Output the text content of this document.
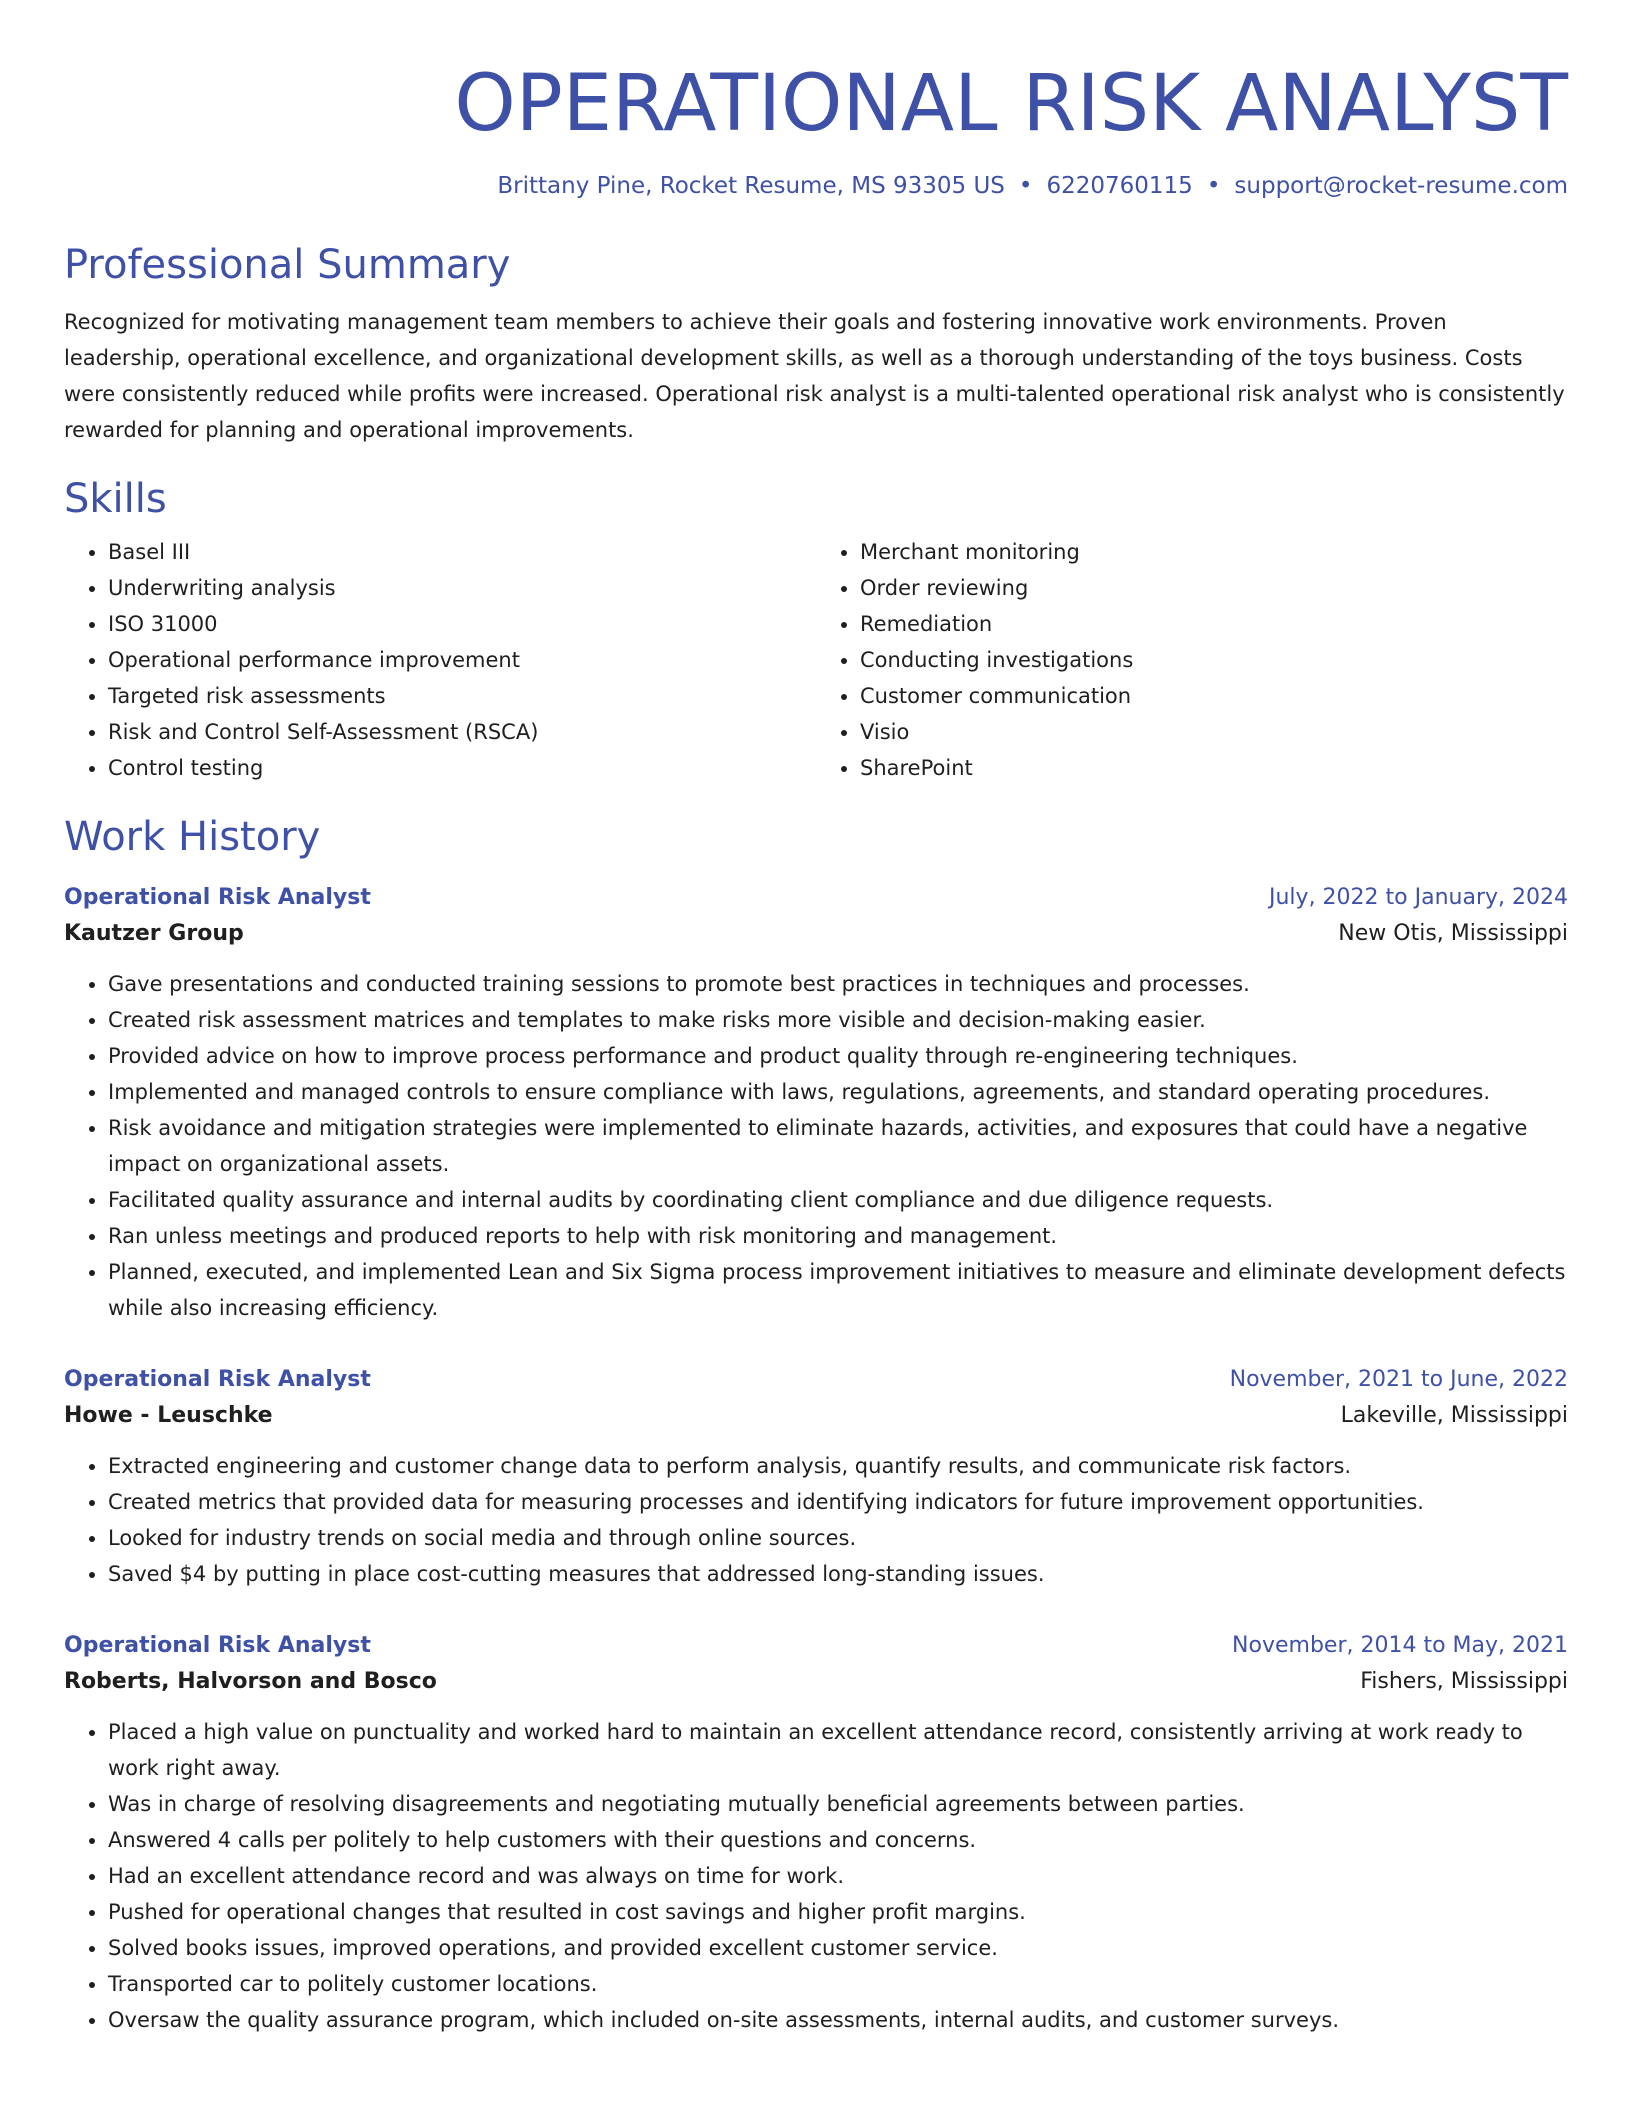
OPERATIONAL RISK ANALYST
Brittany Pine, Rocket Resume, MS 93305 US • 6220760115 • support@rocket-resume.com
Professional Summary

Recognized for motivating management team members to achieve their goals and fostering innovative work environments. Proven leadership, operational excellence, and organizational development skills, as well as a thorough understanding of the toys business. Costs were consistently reduced while profits were increased. Operational risk analyst is a multi-talented operational risk analyst who is consistently rewarded for planning and operational improvements.

Skills
• Basel III
• Underwriting analysis
• ISO 31000
• Operational performance improvement
• Targeted risk assessments
• Risk and Control Self-Assessment (RSCA)
• Control testing
• Merchant monitoring
• Order reviewing
• Remediation
• Conducting investigations
• Customer communication
• Visio
• SharePoint
Work History
Operational Risk Analyst	July, 2022 to January, 2024
Kautzer Group	New Otis, Mississippi
• Gave presentations and conducted training sessions to promote best practices in techniques and processes.
• Created risk assessment matrices and templates to make risks more visible and decision-making easier.
• Provided advice on how to improve process performance and product quality through re-engineering techniques.
• Implemented and managed controls to ensure compliance with laws, regulations, agreements, and standard operating procedures.
• Risk avoidance and mitigation strategies were implemented to eliminate hazards, activities, and exposures that could have a negative impact on organizational assets.
• Facilitated quality assurance and internal audits by coordinating client compliance and due diligence requests.
• Ran unless meetings and produced reports to help with risk monitoring and management.
• Planned, executed, and implemented Lean and Six Sigma process improvement initiatives to measure and eliminate development defects while also increasing efficiency.
Operational Risk Analyst	November, 2021 to June, 2022
Howe - Leuschke	Lakeville, Mississippi
• Extracted engineering and customer change data to perform analysis, quantify results, and communicate risk factors.
• Created metrics that provided data for measuring processes and identifying indicators for future improvement opportunities.
• Looked for industry trends on social media and through online sources.
• Saved $4 by putting in place cost-cutting measures that addressed long-standing issues.
Operational Risk Analyst	November, 2014 to May, 2021
Roberts, Halvorson and Bosco	Fishers, Mississippi
• Placed a high value on punctuality and worked hard to maintain an excellent attendance record, consistently arriving at work ready to work right away.
• Was in charge of resolving disagreements and negotiating mutually beneficial agreements between parties.
• Answered 4 calls per politely to help customers with their questions and concerns.
• Had an excellent attendance record and was always on time for work.
• Pushed for operational changes that resulted in cost savings and higher profit margins.
• Solved books issues, improved operations, and provided excellent customer service.
• Transported car to politely customer locations.
• Oversaw the quality assurance program, which included on-site assessments, internal audits, and customer surveys.
